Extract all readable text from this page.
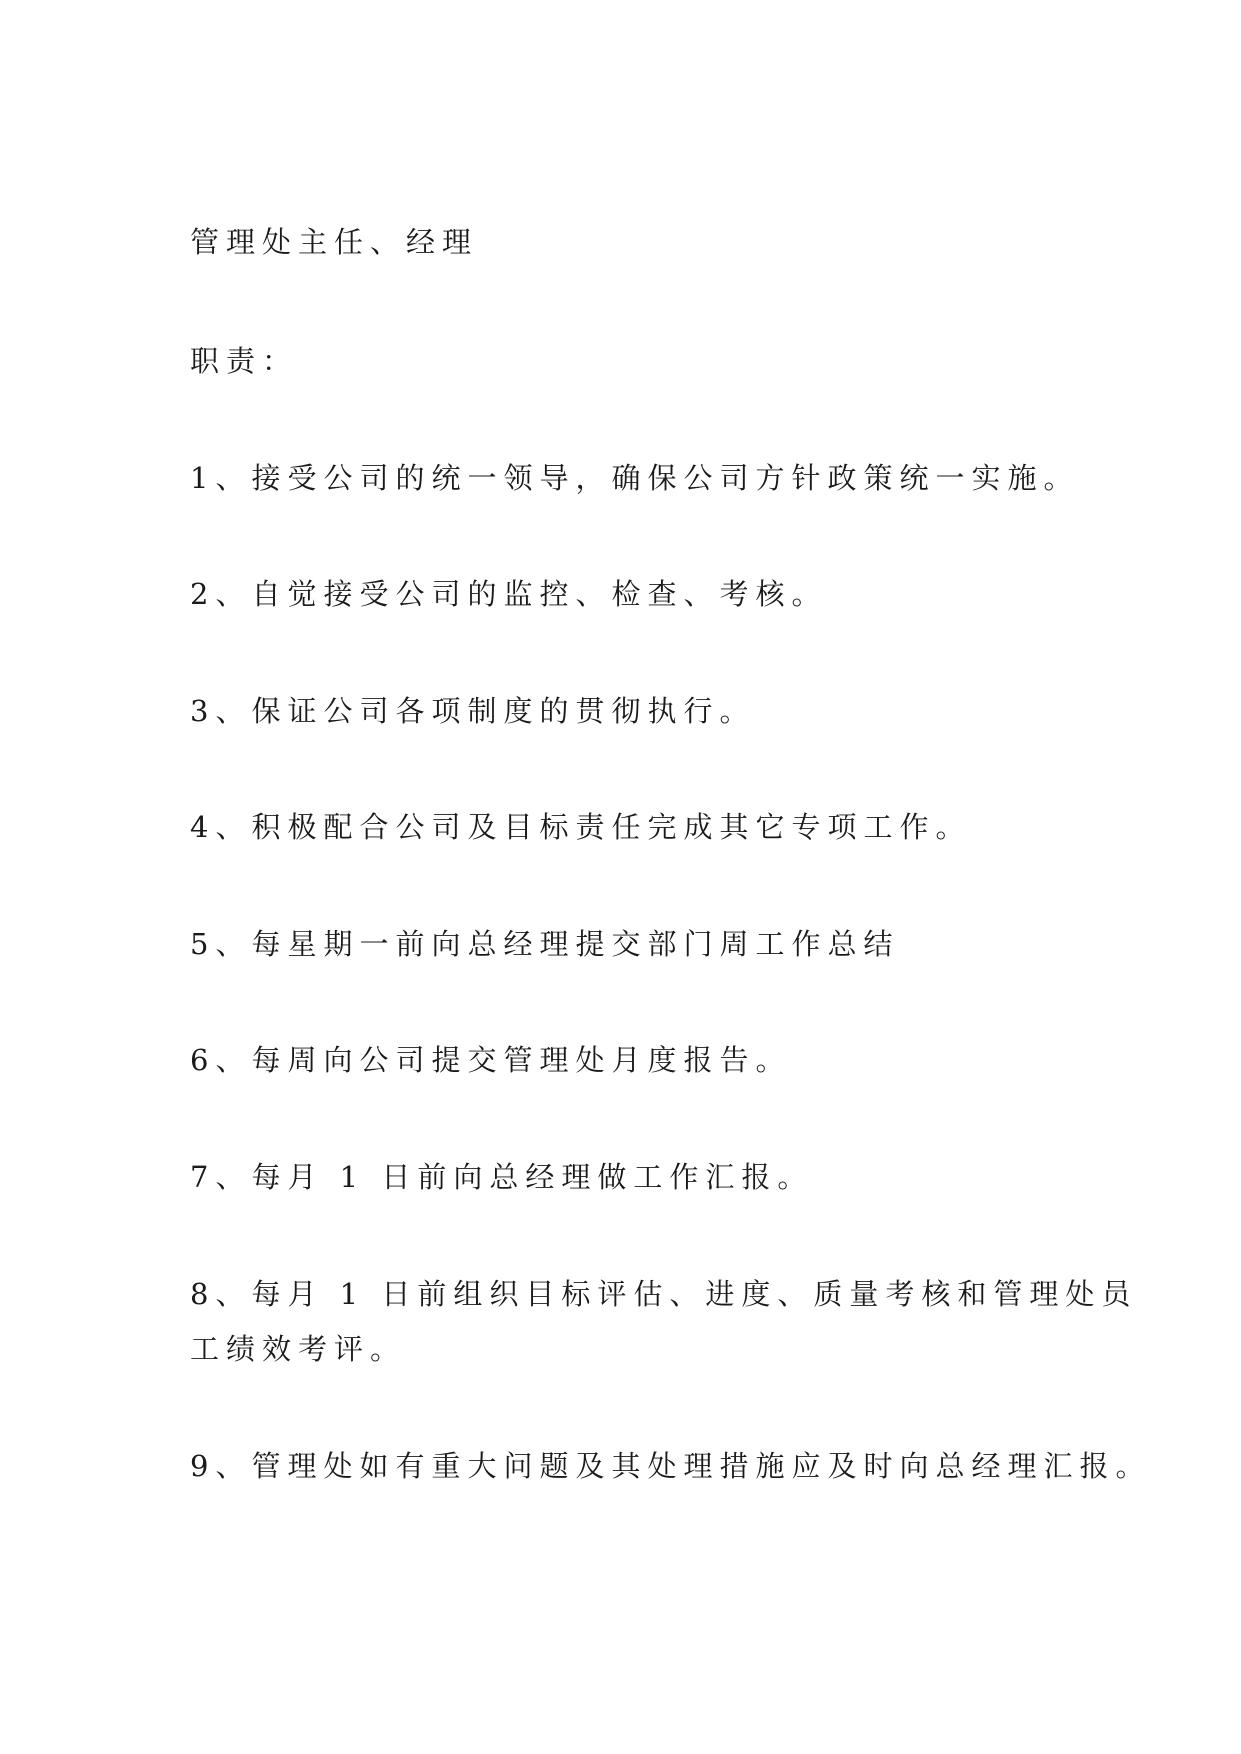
管理处主任、经理

职责：

1、接受公司的统一领导，确保公司方针政策统一实施。

2、自觉接受公司的监控、检查、考核。

3、保证公司各项制度的贯彻执行。

4、积极配合公司及目标责任完成其它专项工作。

5、每星期一前向总经理提交部门周工作总结

6、每周向公司提交管理处月度报告。

7、每月 1 日前向总经理做工作汇报。

8、每月 1 日前组织目标评估、进度、质量考核和管理处员

工绩效考评。

9、管理处如有重大问题及其处理措施应及时向总经理汇报。
